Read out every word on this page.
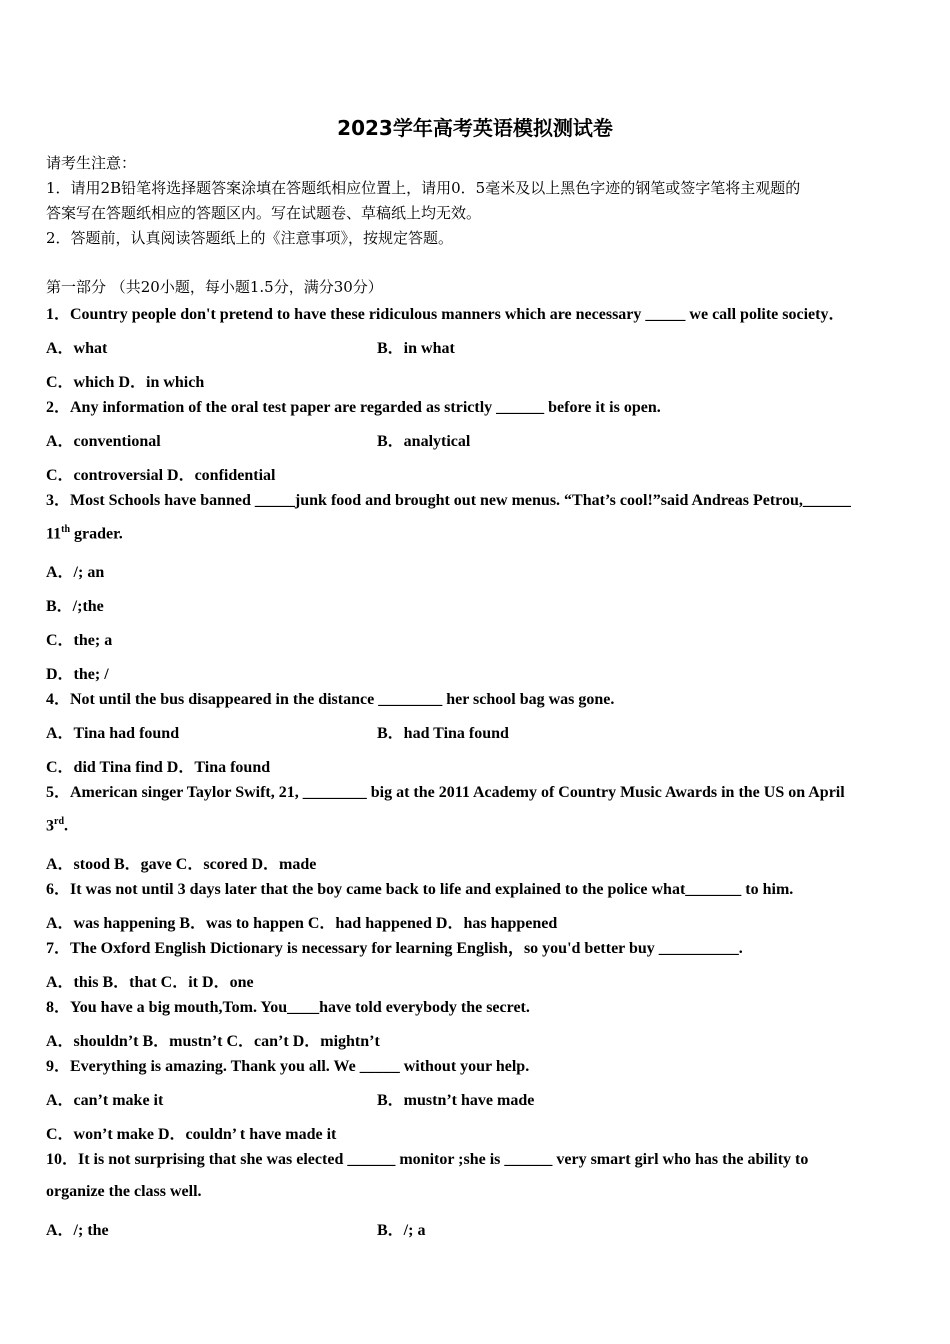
2023学年高考英语模拟测试卷
请考生注意：
1．请用2B铅笔将选择题答案涂填在答题纸相应位置上，请用0．5毫米及以上黑色字迹的钢笔或签字笔将主观题的
答案写在答题纸相应的答题区内。写在试题卷、草稿纸上均无效。
2．答题前，认真阅读答题纸上的《注意事项》，按规定答题。
第一部分 （共20小题，每小题1.5分，满分30分）
1．Country people don't pretend to have these ridiculous manners which are necessary _____ we call polite society．
A．what	B．in what
C．which D．in which
2．Any information of the oral test paper are regarded as strictly ______ before it is open.
A．conventional	B．analytical
C．controversial D．confidential
3．Most Schools have banned _____junk food and brought out new menus. “That’s cool!”said Andreas Petrou,______
11th grader.
A．/; an
B．/;the
C．the; a
D．the; /
4．Not until the bus disappeared in the distance ________ her school bag was gone.
A．Tina had found	B．had Tina found
C．did Tina find D．Tina found
5．American singer Taylor Swift, 21, ________ big at the 2011 Academy of Country Music Awards in the US on April
3rd.
A．stood B．gave C．scored D．made
6．It was not until 3 days later that the boy came back to life and explained to the police what_______ to him.
A．was happening B．was to happen C．had happened D．has happened
7．The Oxford English Dictionary is necessary for learning English，so you'd better buy __________.
A．this B．that C．it D．one
8．You have a big mouth,Tom. You____have told everybody the secret.
A．shouldn’t B．mustn’t C．can’t D．mightn’t
9．Everything is amazing. Thank you all. We _____ without your help.
A．can’t make it	B．mustn’t have made
C．won’t make D．couldn’ t have made it
10．It is not surprising that she was elected ______ monitor ;she is ______ very smart girl who has the ability to
organize the class well.
A．/; the	B．/; a
